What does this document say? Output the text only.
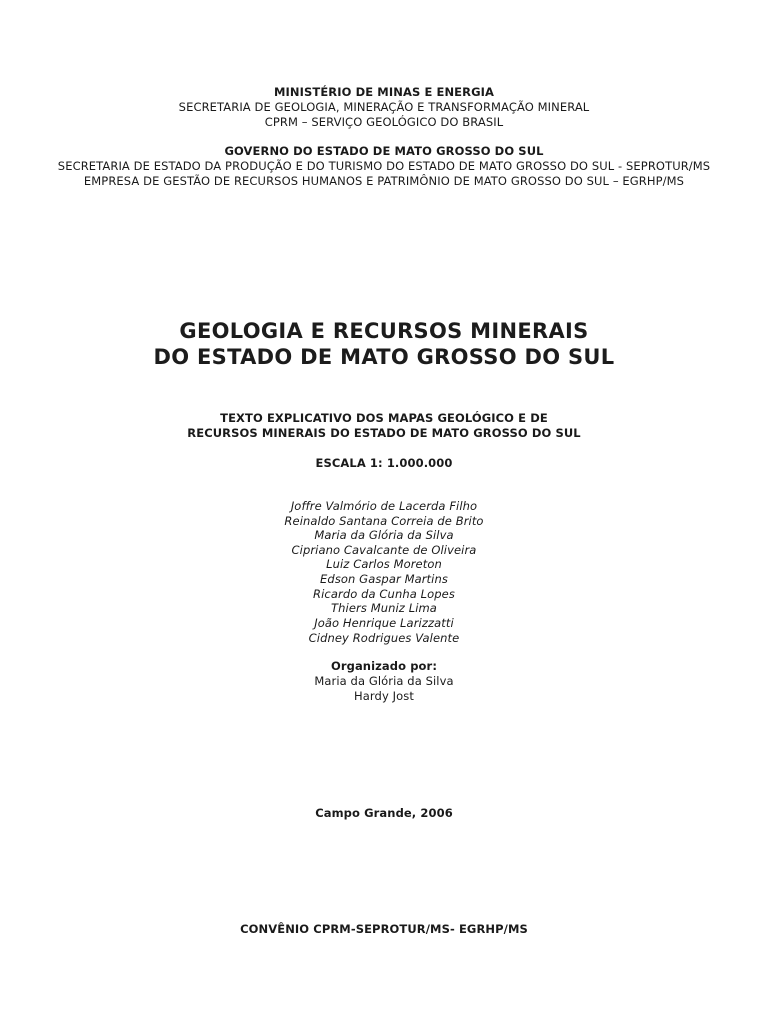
MINISTÉRIO DE MINAS E ENERGIA
SECRETARIA DE GEOLOGIA, MINERAÇÃO E TRANSFORMAÇÃO MINERAL
CPRM – SERVIÇO GEOLÓGICO DO BRASIL
GOVERNO DO ESTADO DE MATO GROSSO DO SUL
SECRETARIA DE ESTADO DA PRODUÇÃO E DO TURISMO DO ESTADO DE MATO GROSSO DO SUL - SEPROTUR/MS
EMPRESA DE GESTÃO DE RECURSOS HUMANOS E PATRIMÔNIO DE MATO GROSSO DO SUL – EGRHP/MS
GEOLOGIA E RECURSOS MINERAIS
DO ESTADO DE MATO GROSSO DO SUL
TEXTO EXPLICATIVO DOS MAPAS GEOLÓGICO E DE
RECURSOS MINERAIS DO ESTADO DE MATO GROSSO DO SUL
ESCALA 1: 1.000.000
Joffre Valmório de Lacerda Filho
Reinaldo Santana Correia de Brito
Maria da Glória da Silva
Cipriano Cavalcante de Oliveira
Luiz Carlos Moreton
Edson Gaspar Martins
Ricardo da Cunha Lopes
Thiers Muniz Lima
João Henrique Larizzatti
Cidney Rodrigues Valente
Organizado por:
Maria da Glória da Silva
Hardy Jost
Campo Grande, 2006
CONVÊNIO CPRM-SEPROTUR/MS- EGRHP/MS
